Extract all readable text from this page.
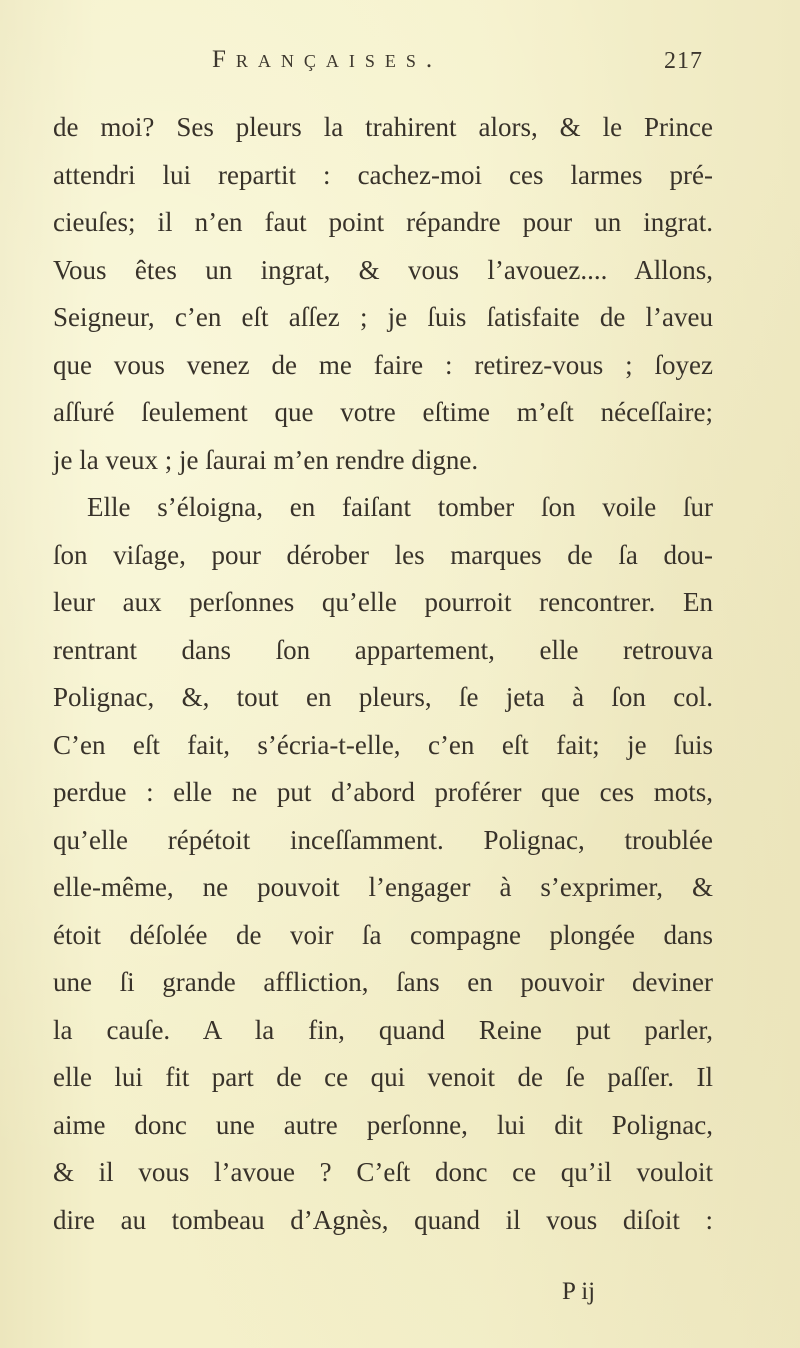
Françaises.	217
de moi? Ses pleurs la trahirent alors, & le Prince
attendri lui repartit : cachez-moi ces larmes pré-
cieuſes; il n’en faut point répandre pour un ingrat.
Vous êtes un ingrat, & vous l’avouez.... Allons,
Seigneur, c’en eſt aſſez ; je ſuis ſatisfaite de l’aveu
que vous venez de me faire : retirez-vous ; ſoyez
aſſuré ſeulement que votre eſtime m’eſt néceſſaire;
je la veux ; je ſaurai m’en rendre digne.
Elle s’éloigna, en faiſant tomber ſon voile ſur
ſon viſage, pour dérober les marques de ſa dou-
leur aux perſonnes qu’elle pourroit rencontrer. En
rentrant dans ſon appartement, elle retrouva
Polignac, &, tout en pleurs, ſe jeta à ſon col.
C’en eſt fait, s’écria-t-elle, c’en eſt fait; je ſuis
perdue : elle ne put d’abord proférer que ces mots,
qu’elle répétoit inceſſamment. Polignac, troublée
elle-même, ne pouvoit l’engager à s’exprimer, &
étoit déſolée de voir ſa compagne plongée dans
une ſi grande affliction, ſans en pouvoir deviner
la cauſe. A la fin, quand Reine put parler,
elle lui fit part de ce qui venoit de ſe paſſer. Il
aime donc une autre perſonne, lui dit Polignac,
& il vous l’avoue ? C’eſt donc ce qu’il vouloit
dire au tombeau d’Agnès, quand il vous diſoit :
P ij
